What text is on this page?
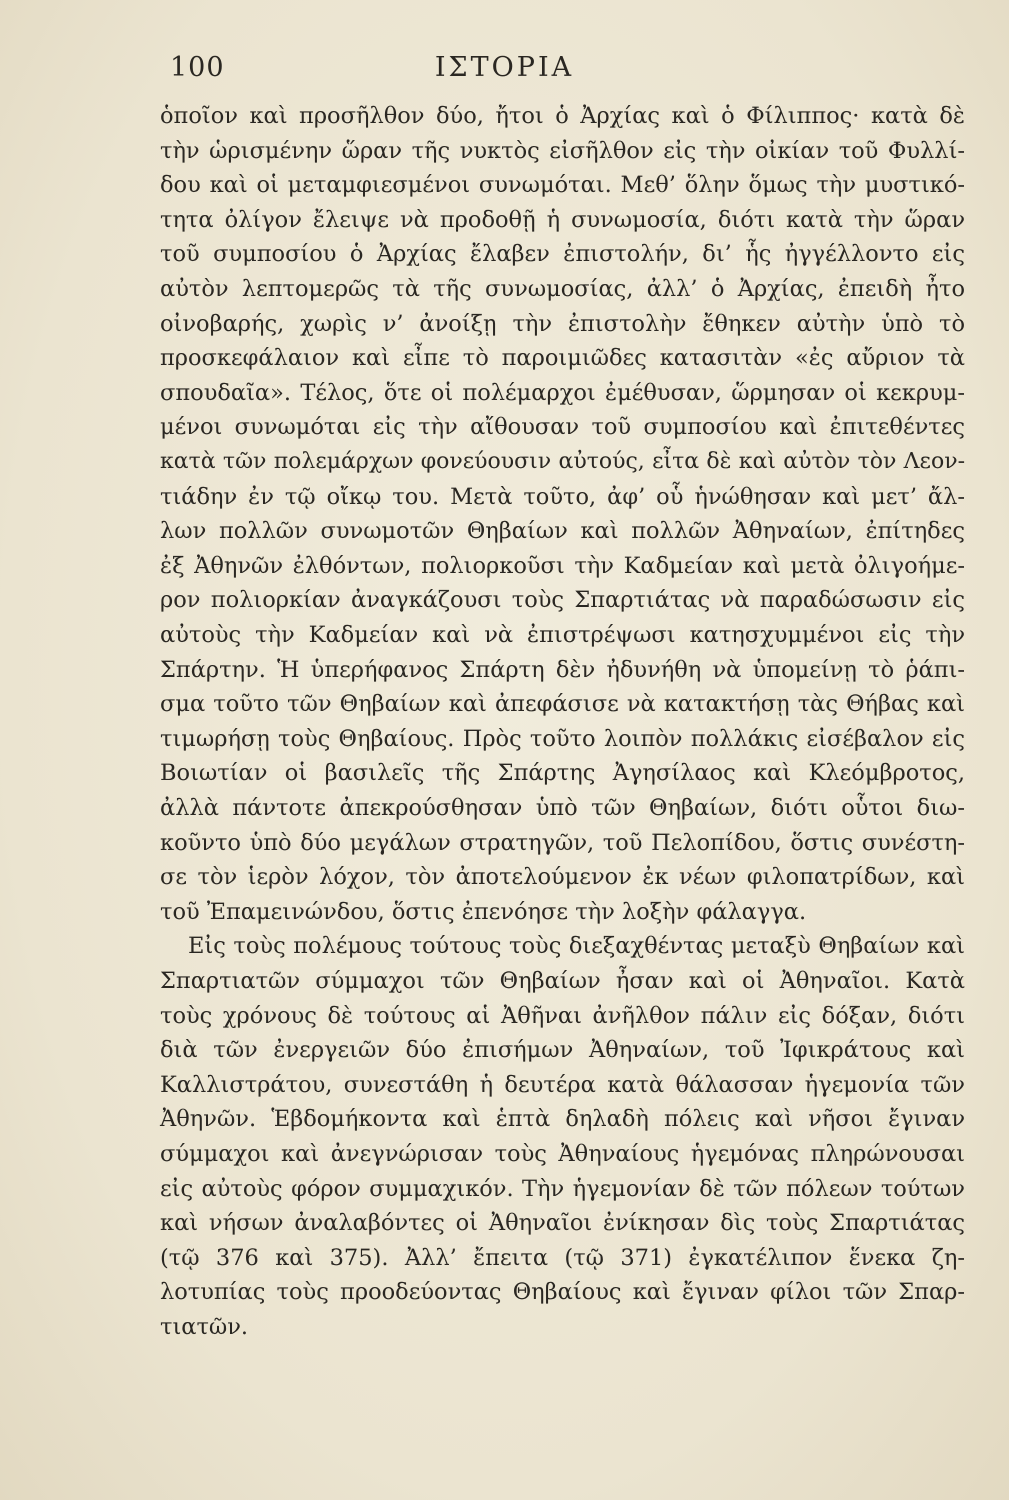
100	ΙΣΤΟΡΙΑ
ὁποῖον καὶ προσῆλθον δύο, ἤτοι ὁ Ἀρχίας καὶ ὁ Φίλιππος· κατὰ δὲ
τὴν ὡρισμένην ὥραν τῆς νυκτὸς εἰσῆλθον εἰς τὴν οἰκίαν τοῦ Φυλλί-
δου καὶ οἱ μεταμφιεσμένοι συνωμόται. Μεθ’ ὅλην ὅμως τὴν μυστικό-
τητα ὀλίγον ἔλειψε νὰ προδοθῇ ἡ συνωμοσία, διότι κατὰ τὴν ὥραν
τοῦ συμποσίου ὁ Ἀρχίας ἔλαβεν ἐπιστολήν, δι’ ἧς ἠγγέλλοντο εἰς
αὐτὸν λεπτομερῶς τὰ τῆς συνωμοσίας, ἀλλ’ ὁ Ἀρχίας, ἐπειδὴ ἦτο
οἰνοβαρής, χωρὶς ν’ ἀνοίξῃ τὴν ἐπιστολὴν ἔθηκεν αὐτὴν ὑπὸ τὸ
προσκεφάλαιον καὶ εἶπε τὸ παροιμιῶδες κατασιτὰν «ἐς αὔριον τὰ
σπουδαῖα». Τέλος, ὅτε οἱ πολέμαρχοι ἐμέθυσαν, ὥρμησαν οἱ κεκρυμ-
μένοι συνωμόται εἰς τὴν αἴθουσαν τοῦ συμποσίου καὶ ἐπιτεθέντες
κατὰ τῶν πολεμάρχων φονεύουσιν αὐτούς, εἶτα δὲ καὶ αὐτὸν τὸν Λεον-
τιάδην ἐν τῷ οἴκῳ του. Μετὰ τοῦτο, ἀφ’ οὗ ἡνώθησαν καὶ μετ’ ἄλ-
λων πολλῶν συνωμοτῶν Θηβαίων καὶ πολλῶν Ἀθηναίων, ἐπίτηδες
ἐξ Ἀθηνῶν ἐλθόντων, πολιορκοῦσι τὴν Καδμείαν καὶ μετὰ ὀλιγοήμε-
ρον πολιορκίαν ἀναγκάζουσι τοὺς Σπαρτιάτας νὰ παραδώσωσιν εἰς
αὐτοὺς τὴν Καδμείαν καὶ νὰ ἐπιστρέψωσι κατησχυμμένοι εἰς τὴν
Σπάρτην. Ἡ ὑπερήφανος Σπάρτη δὲν ἠδυνήθη νὰ ὑπομείνῃ τὸ ῥάπι-
σμα τοῦτο τῶν Θηβαίων καὶ ἀπεφάσισε νὰ κατακτήσῃ τὰς Θήβας καὶ
τιμωρήσῃ τοὺς Θηβαίους. Πρὸς τοῦτο λοιπὸν πολλάκις εἰσέβαλον εἰς
Βοιωτίαν οἱ βασιλεῖς τῆς Σπάρτης Ἀγησίλαος καὶ Κλεόμβροτος,
ἀλλὰ πάντοτε ἀπεκρούσθησαν ὑπὸ τῶν Θηβαίων, διότι οὗτοι διω-
κοῦντο ὑπὸ δύο μεγάλων στρατηγῶν, τοῦ Πελοπίδου, ὅστις συνέστη-
σε τὸν ἱερὸν λόχον, τὸν ἀποτελούμενον ἐκ νέων φιλοπατρίδων, καὶ
τοῦ Ἐπαμεινώνδου, ὅστις ἐπενόησε τὴν λοξὴν φάλαγγα.
Εἰς τοὺς πολέμους τούτους τοὺς διεξαχθέντας μεταξὺ Θηβαίων καὶ
Σπαρτιατῶν σύμμαχοι τῶν Θηβαίων ἦσαν καὶ οἱ Ἀθηναῖοι. Κατὰ
τοὺς χρόνους δὲ τούτους αἱ Ἀθῆναι ἀνῆλθον πάλιν εἰς δόξαν, διότι
διὰ τῶν ἐνεργειῶν δύο ἐπισήμων Ἀθηναίων, τοῦ Ἰφικράτους καὶ
Καλλιστράτου, συνεστάθη ἡ δευτέρα κατὰ θάλασσαν ἡγεμονία τῶν
Ἀθηνῶν. Ἑβδομήκοντα καὶ ἑπτὰ δηλαδὴ πόλεις καὶ νῆσοι ἔγιναν
σύμμαχοι καὶ ἀνεγνώρισαν τοὺς Ἀθηναίους ἡγεμόνας πληρώνουσαι
εἰς αὐτοὺς φόρον συμμαχικόν. Τὴν ἡγεμονίαν δὲ τῶν πόλεων τούτων
καὶ νήσων ἀναλαβόντες οἱ Ἀθηναῖοι ἐνίκησαν δὶς τοὺς Σπαρτιάτας
(τῷ 376 καὶ 375). Ἀλλ’ ἔπειτα (τῷ 371) ἐγκατέλιπον ἕνεκα ζη-
λοτυπίας τοὺς προοδεύοντας Θηβαίους καὶ ἔγιναν φίλοι τῶν Σπαρ-
τιατῶν.
